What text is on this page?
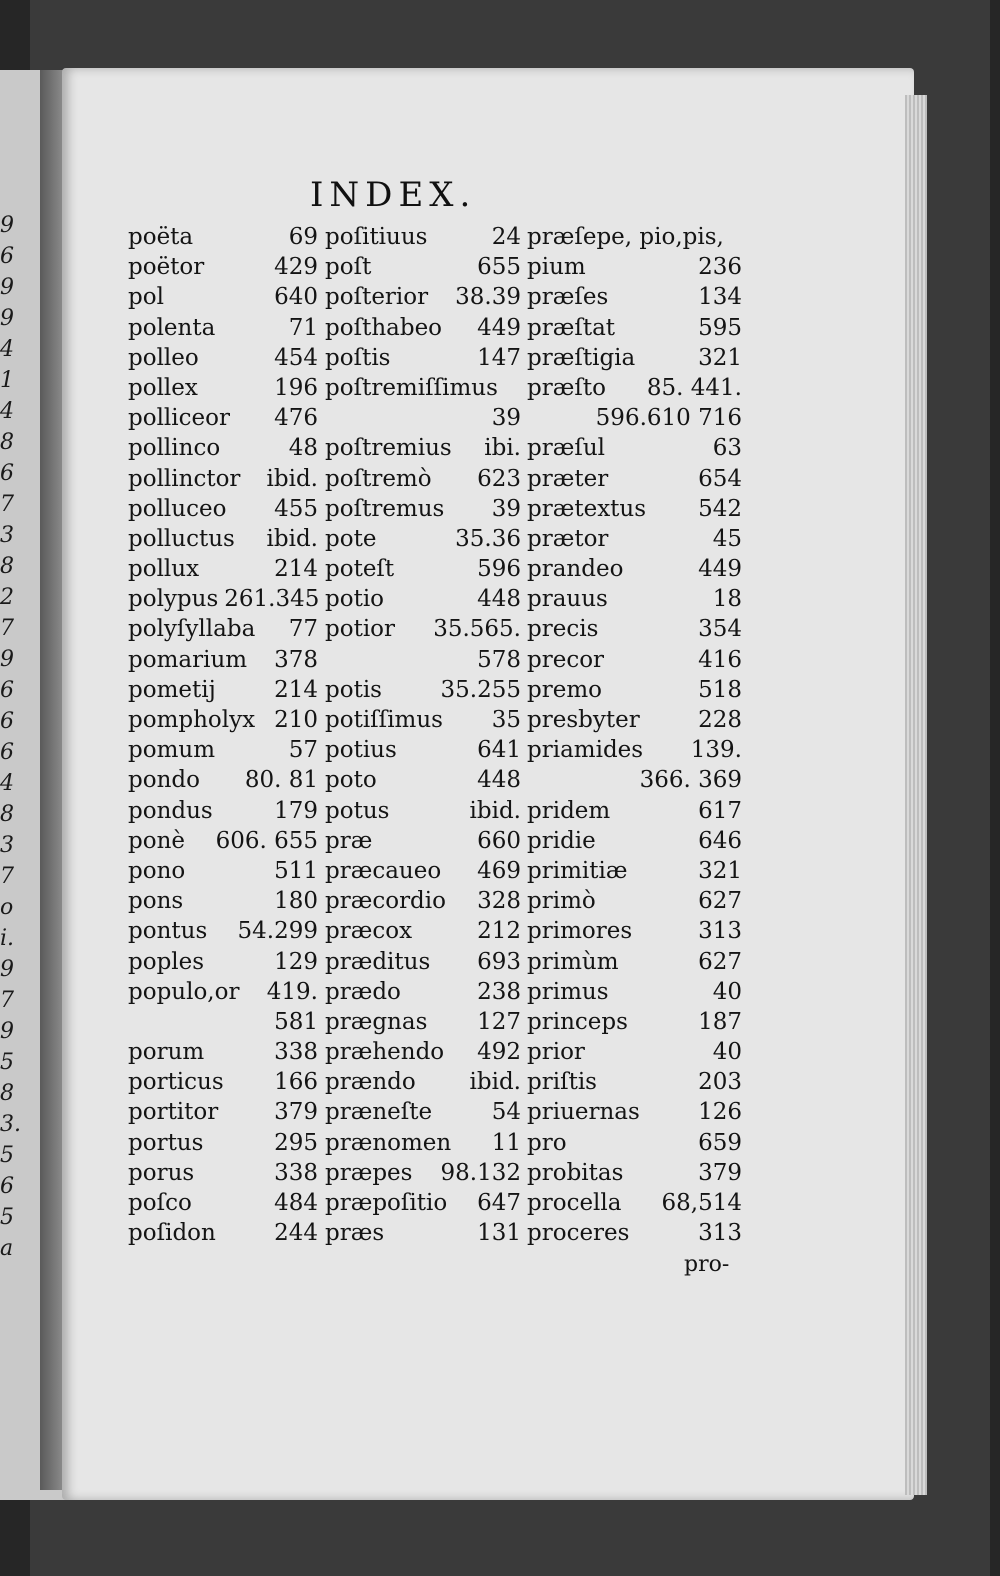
9
6
9
9
4
1
4
8
6
7
3
8
2
7
9
6
6
6
4
8
3
7
o
i.
9
7
9
5
8
3.
5
6
5
a
INDEX.
poëta	69
poëtor	429
pol	640
polenta	71
polleo	454
pollex	196
polliceor 476
pollinco	48
pollinctor ibid.
polluceo 455
polluctus ibid.
pollux	214
polypus 261.345
polyſyllaba 77
pomarium 378
pometij	214
pompholyx 210
pomum	57
pondo 80. 81
pondus	179
ponè 606. 655
pono	511
pons	180
pontus 54.299
poples	129
populo,or 419.
581
porum	338
porticus 166
portitor 379
portus	295
porus	338
poſco	484
poſidon	244
poſitiuus	24
poſt	655
poſterior 38.39
poſthabeo 449
poſtis	147
poſtremiſſimus
39
poſtremius ibi.
poſtremò 623
poſtremus 39
pote	35.36
poteſt	596
potio	448
potior 35.565.
578
potis	35.255
potiſſimus 35
potius	641
poto	448
potus	ibid.
præ	660
præcaueo 469
præcordio 328
præcox	212
præditus 693
prædo	238
prægnas 127
præhendo 492
prændo ibid.
præneſte	54
prænomen 11
præpes 98.132
præpoſitio 647
præs	131
præſepe, pio,pis,
pium	236
præſes	134
præſtat	595
præſtigia	321
præſto 85. 441.
596.610 716
præſul	63
præter	654
prætextus 542
prætor	45
prandeo	449
prauus	18
precis	354
precor	416
premo	518
presbyter	228
priamides 139.
366. 369
pridem	617
pridie	646
primitiæ	321
primò	627
primores	313
primùm	627
primus	40
princeps	187
prior	40
priſtis	203
priuernas	126
pro	659
probitas	379
procella 68,514
proceres	313
pro-
